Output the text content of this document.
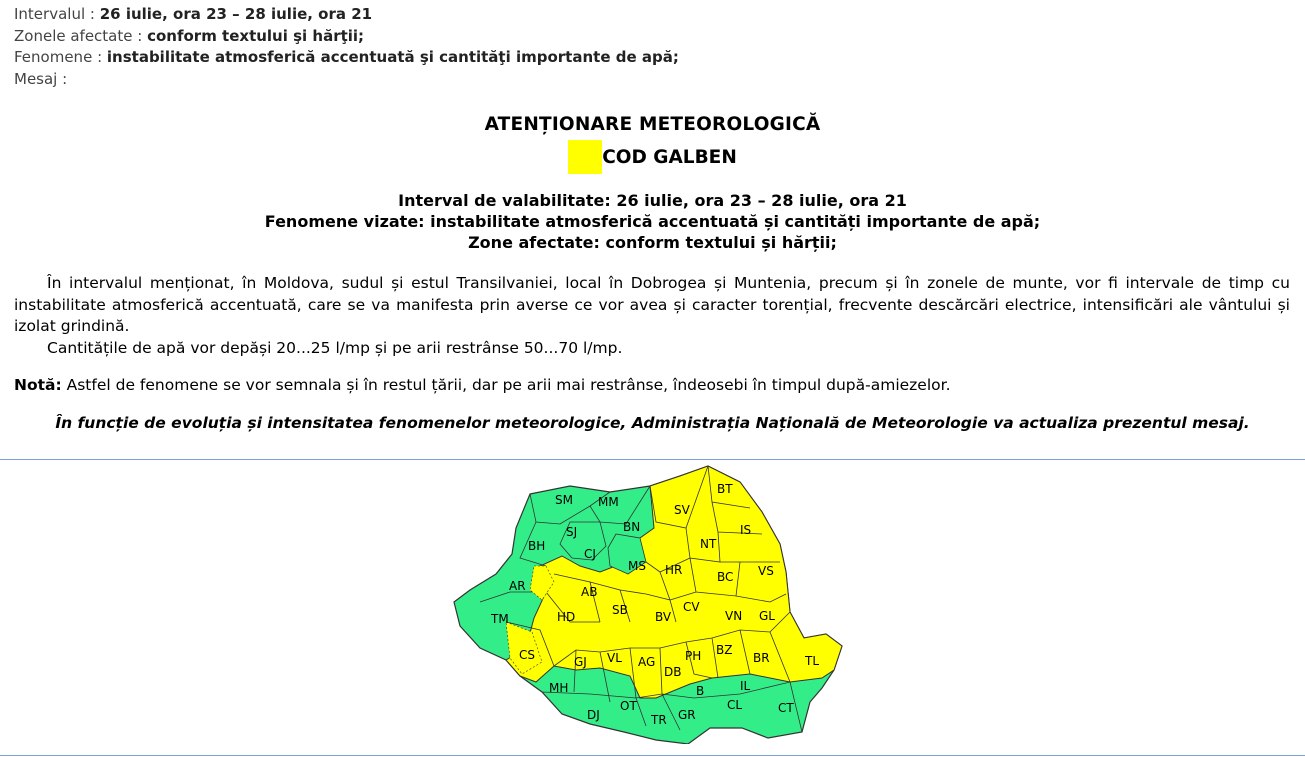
Intervalul : 26 iulie, ora 23 – 28 iulie, ora 21
Zonele afectate : conform textului şi hărţii;
Fenomene : instabilitate atmosferică accentuată şi cantităţi importante de apă;
Mesaj :
ATENȚIONARE METEOROLOGICĂ
COD GALBEN
Interval de valabilitate: 26 iulie, ora 23 – 28 iulie, ora 21
Fenomene vizate: instabilitate atmosferică accentuată și cantități importante de apă;
Zone afectate: conform textului și hărții;
În intervalul menționat, în Moldova, sudul și estul Transilvaniei, local în Dobrogea și Muntenia, precum și în zonele de munte, vor fi intervale de timp cu instabilitate atmosferică accentuată, care se va manifesta prin averse ce vor avea și caracter torențial, frecvente descărcări electrice, intensificări ale vântului și izolat grindină.
Cantitățile de apă vor depăși 20...25 l/mp și pe arii restrânse 50...70 l/mp.
Notă: Astfel de fenomene se vor semnala și în restul țării, dar pe arii mai restrânse, îndeosebi în timpul după-amiezelor.
În funcție de evoluția și intensitatea fenomenelor meteorologice, Administrația Națională de Meteorologie va actualiza prezentul mesaj.
SM MM
BT
SV
SJ	BN	IS
BH
CJ
NT
MS HR	BC VS
AR	AB
TM	HD	SB	CV
VN GL
BV
CS	GJ VL AG PH BZ
BR	TL
DB
MH	B	IL
DJ
OT
TR GR
CL	CT
